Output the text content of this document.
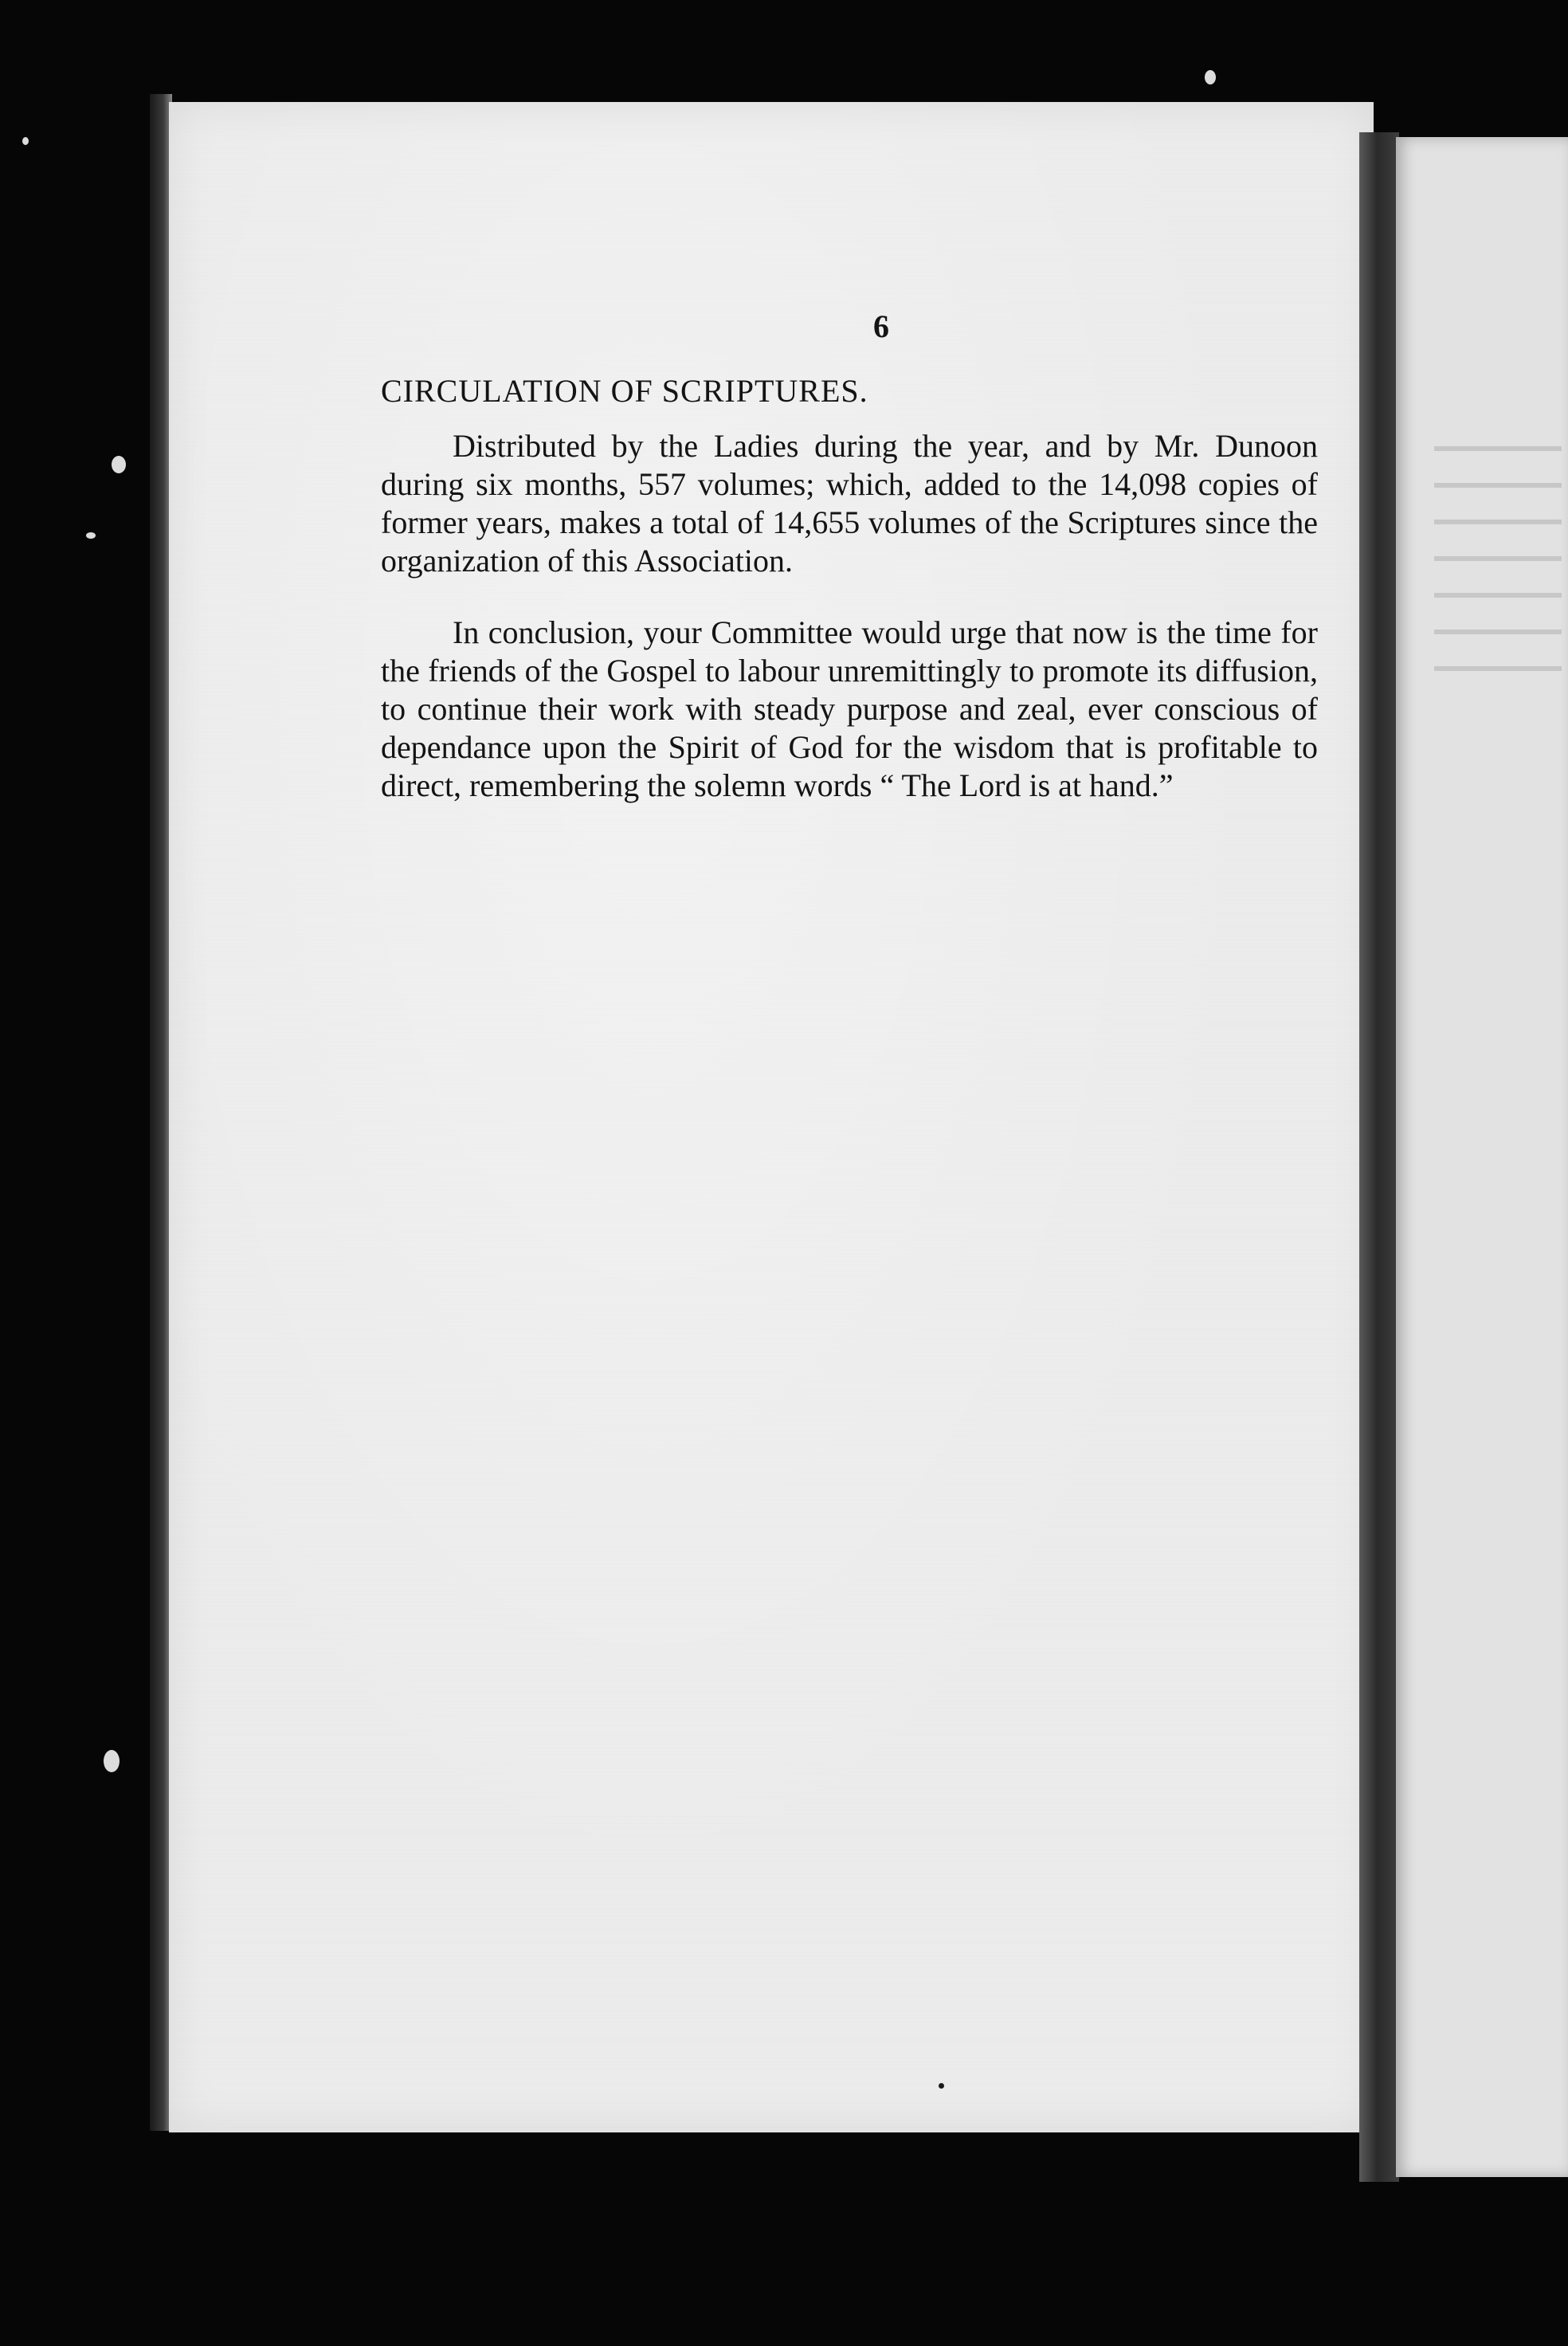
6
CIRCULATION OF SCRIPTURES.

Distributed by the Ladies during the year, and by Mr. Dunoon during six months, 557 volumes; which, added to the 14,098 copies of former years, makes a total of 14,655 volumes of the Scriptures since the organization of this Association.

In conclusion, your Committee would urge that now is the time for the friends of the Gospel to labour unremittingly to promote its diffusion, to continue their work with steady purpose and zeal, ever conscious of dependance upon the Spirit of God for the wisdom that is profitable to direct, remembering the solemn words “ The Lord is at hand.”
